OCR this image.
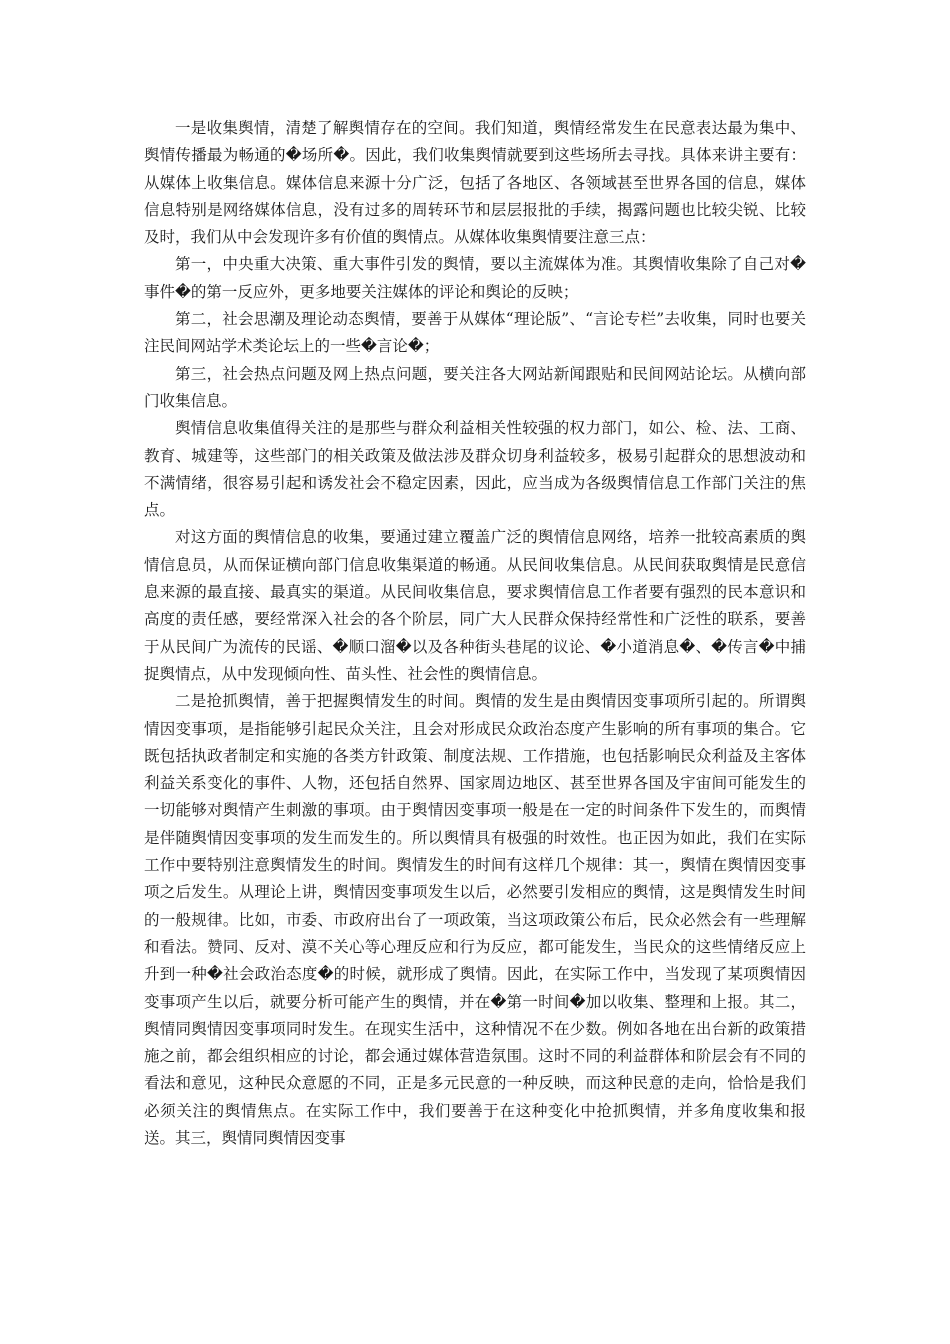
一是收集舆情，清楚了解舆情存在的空间。我们知道，舆情经常发生在民意表达最为集中、舆情传播最为畅通的�场所�。因此，我们收集舆情就要到这些场所去寻找。具体来讲主要有：从媒体上收集信息。媒体信息来源十分广泛，包括了各地区、各领域甚至世界各国的信息，媒体信息特别是网络媒体信息，没有过多的周转环节和层层报批的手续，揭露问题也比较尖锐、比较及时，我们从中会发现许多有价值的舆情点。从媒体收集舆情要注意三点：

第一，中央重大决策、重大事件引发的舆情，要以主流媒体为准。其舆情收集除了自己对�事件�的第一反应外，更多地要关注媒体的评论和舆论的反映；

第二，社会思潮及理论动态舆情，要善于从媒体“理论版”、“言论专栏”去收集，同时也要关注民间网站学术类论坛上的一些�言论�；

第三，社会热点问题及网上热点问题，要关注各大网站新闻跟贴和民间网站论坛。从横向部门收集信息。

舆情信息收集值得关注的是那些与群众利益相关性较强的权力部门，如公、检、法、工商、教育、城建等，这些部门的相关政策及做法涉及群众切身利益较多，极易引起群众的思想波动和不满情绪，很容易引起和诱发社会不稳定因素，因此，应当成为各级舆情信息工作部门关注的焦点。

对这方面的舆情信息的收集，要通过建立覆盖广泛的舆情信息网络，培养一批较高素质的舆情信息员，从而保证横向部门信息收集渠道的畅通。从民间收集信息。从民间获取舆情是民意信息来源的最直接、最真实的渠道。从民间收集信息，要求舆情信息工作者要有强烈的民本意识和高度的责任感，要经常深入社会的各个阶层，同广大人民群众保持经常性和广泛性的联系，要善于从民间广为流传的民谣、�顺口溜�以及各种街头巷尾的议论、�小道消息�、�传言�中捕捉舆情点，从中发现倾向性、苗头性、社会性的舆情信息。

二是抢抓舆情，善于把握舆情发生的时间。舆情的发生是由舆情因变事项所引起的。所谓舆情因变事项，是指能够引起民众关注，且会对形成民众政治态度产生影响的所有事项的集合。它既包括执政者制定和实施的各类方针政策、制度法规、工作措施，也包括影响民众利益及主客体利益关系变化的事件、人物，还包括自然界、国家周边地区、甚至世界各国及宇宙间可能发生的一切能够对舆情产生刺激的事项。由于舆情因变事项一般是在一定的时间条件下发生的，而舆情是伴随舆情因变事项的发生而发生的。所以舆情具有极强的时效性。也正因为如此，我们在实际工作中要特别注意舆情发生的时间。舆情发生的时间有这样几个规律：其一，舆情在舆情因变事项之后发生。从理论上讲，舆情因变事项发生以后，必然要引发相应的舆情，这是舆情发生时间的一般规律。比如，市委、市政府出台了一项政策，当这项政策公布后，民众必然会有一些理解和看法。赞同、反对、漠不关心等心理反应和行为反应，都可能发生，当民众的这些情绪反应上升到一种�社会政治态度�的时候，就形成了舆情。因此，在实际工作中，当发现了某项舆情因变事项产生以后，就要分析可能产生的舆情，并在�第一时间�加以收集、整理和上报。其二，舆情同舆情因变事项同时发生。在现实生活中，这种情况不在少数。例如各地在出台新的政策措施之前，都会组织相应的讨论，都会通过媒体营造氛围。这时不同的利益群体和阶层会有不同的看法和意见，这种民众意愿的不同，正是多元民意的一种反映，而这种民意的走向，恰恰是我们必须关注的舆情焦点。在实际工作中，我们要善于在这种变化中抢抓舆情，并多角度收集和报送。其三，舆情同舆情因变事
